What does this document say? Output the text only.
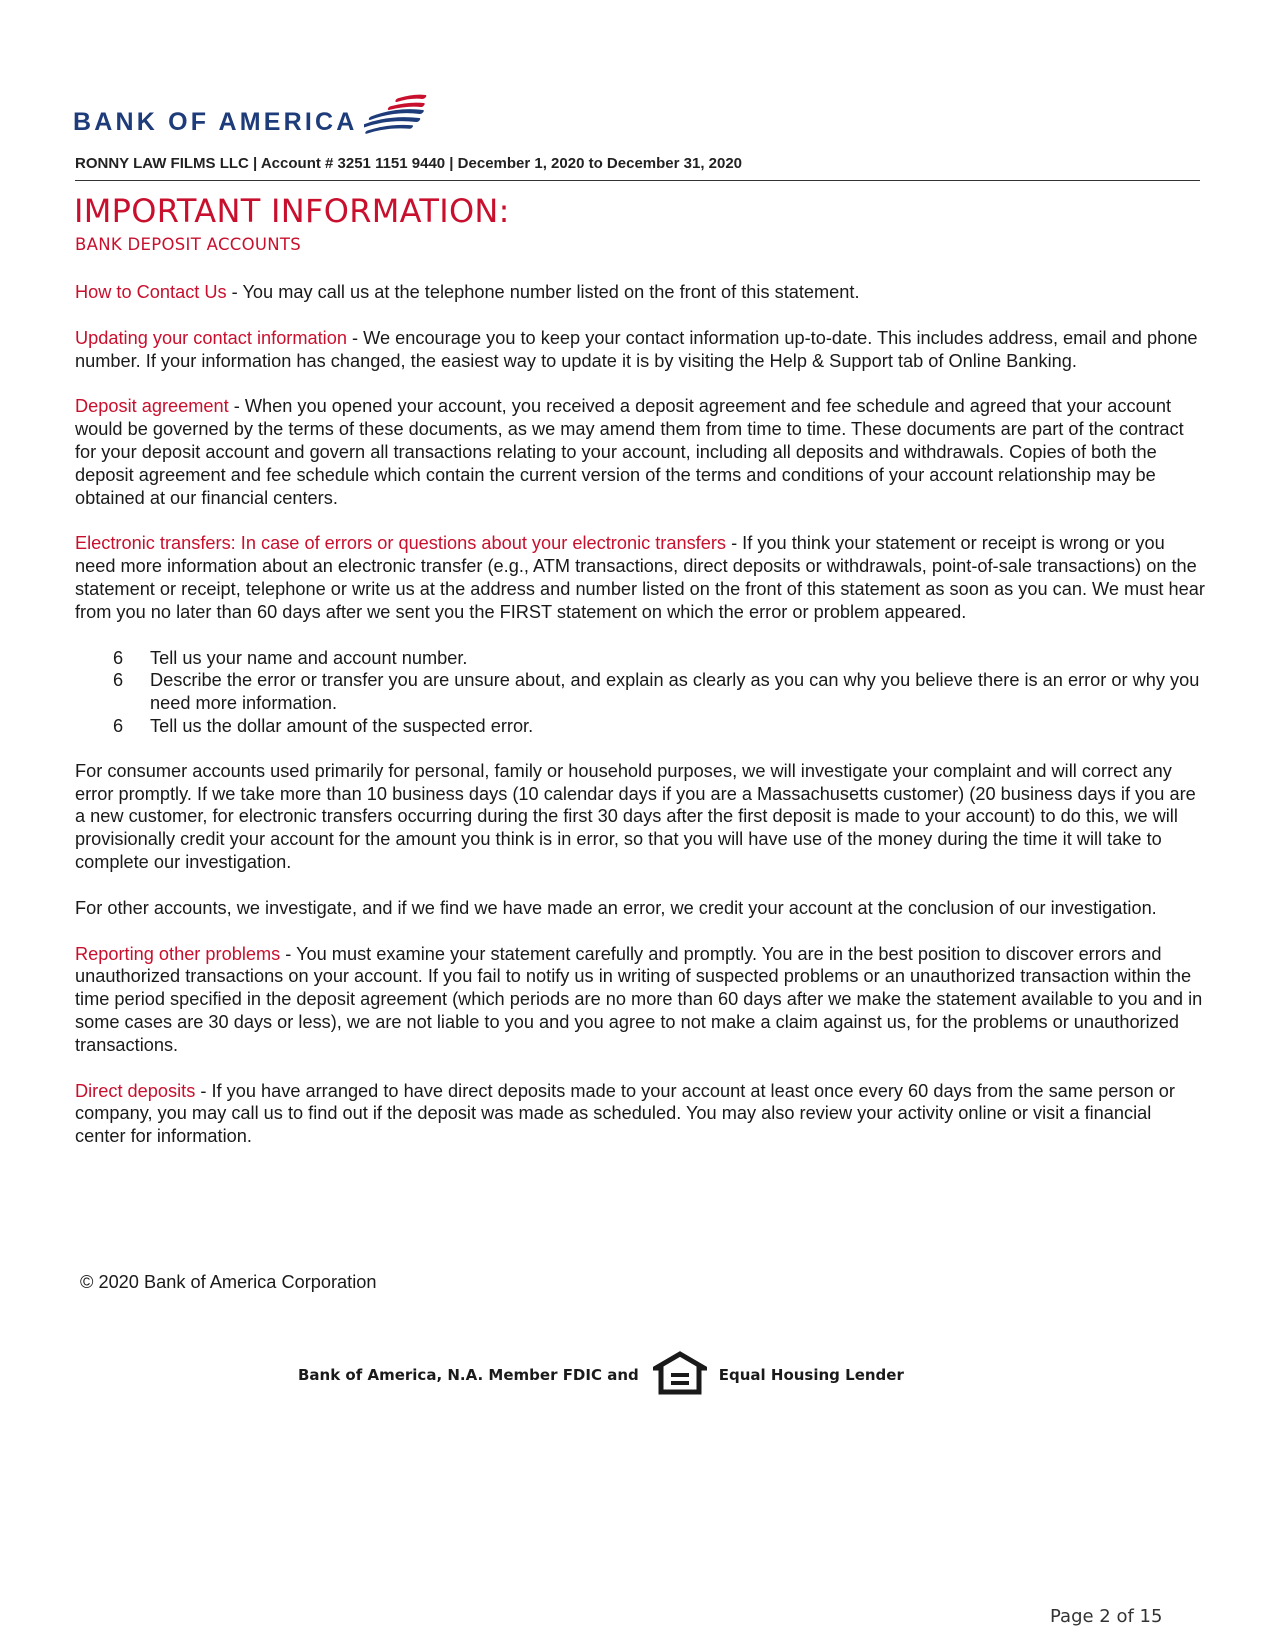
BANK OF AMERICA
RONNY LAW FILMS LLC | Account # 3251 1151 9440 | December 1, 2020 to December 31, 2020
IMPORTANT INFORMATION:
BANK DEPOSIT ACCOUNTS

How to Contact Us - You may call us at the telephone number listed on the front of this statement.

Updating your contact information - We encourage you to keep your contact information up-to-date. This includes address, email and phone number. If your information has changed, the easiest way to update it is by visiting the Help & Support tab of Online Banking.

Deposit agreement - When you opened your account, you received a deposit agreement and fee schedule and agreed that your account would be governed by the terms of these documents, as we may amend them from time to time. These documents are part of the contract for your deposit account and govern all transactions relating to your account, including all deposits and withdrawals. Copies of both the deposit agreement and fee schedule which contain the current version of the terms and conditions of your account relationship may be obtained at our financial centers.

Electronic transfers: In case of errors or questions about your electronic transfers - If you think your statement or receipt is wrong or you need more information about an electronic transfer (e.g., ATM transactions, direct deposits or withdrawals, point-of-sale transactions) on the statement or receipt, telephone or write us at the address and number listed on the front of this statement as soon as you can. We must hear from you no later than 60 days after we sent you the FIRST statement on which the error or problem appeared.

6 Tell us your name and account number.
6 Describe the error or transfer you are unsure about, and explain as clearly as you can why you believe there is an error or why you need more information.
6 Tell us the dollar amount of the suspected error.

For consumer accounts used primarily for personal, family or household purposes, we will investigate your complaint and will correct any error promptly. If we take more than 10 business days (10 calendar days if you are a Massachusetts customer) (20 business days if you are a new customer, for electronic transfers occurring during the first 30 days after the first deposit is made to your account) to do this, we will provisionally credit your account for the amount you think is in error, so that you will have use of the money during the time it will take to complete our investigation.

For other accounts, we investigate, and if we find we have made an error, we credit your account at the conclusion of our investigation.

Reporting other problems - You must examine your statement carefully and promptly. You are in the best position to discover errors and unauthorized transactions on your account. If you fail to notify us in writing of suspected problems or an unauthorized transaction within the time period specified in the deposit agreement (which periods are no more than 60 days after we make the statement available to you and in some cases are 30 days or less), we are not liable to you and you agree to not make a claim against us, for the problems or unauthorized transactions.

Direct deposits - If you have arranged to have direct deposits made to your account at least once every 60 days from the same person or company, you may call us to find out if the deposit was made as scheduled. You may also review your activity online or visit a financial center for information.

© 2020 Bank of America Corporation
Bank of America, N.A. Member FDIC and	Equal Housing Lender
Page 2 of 15
